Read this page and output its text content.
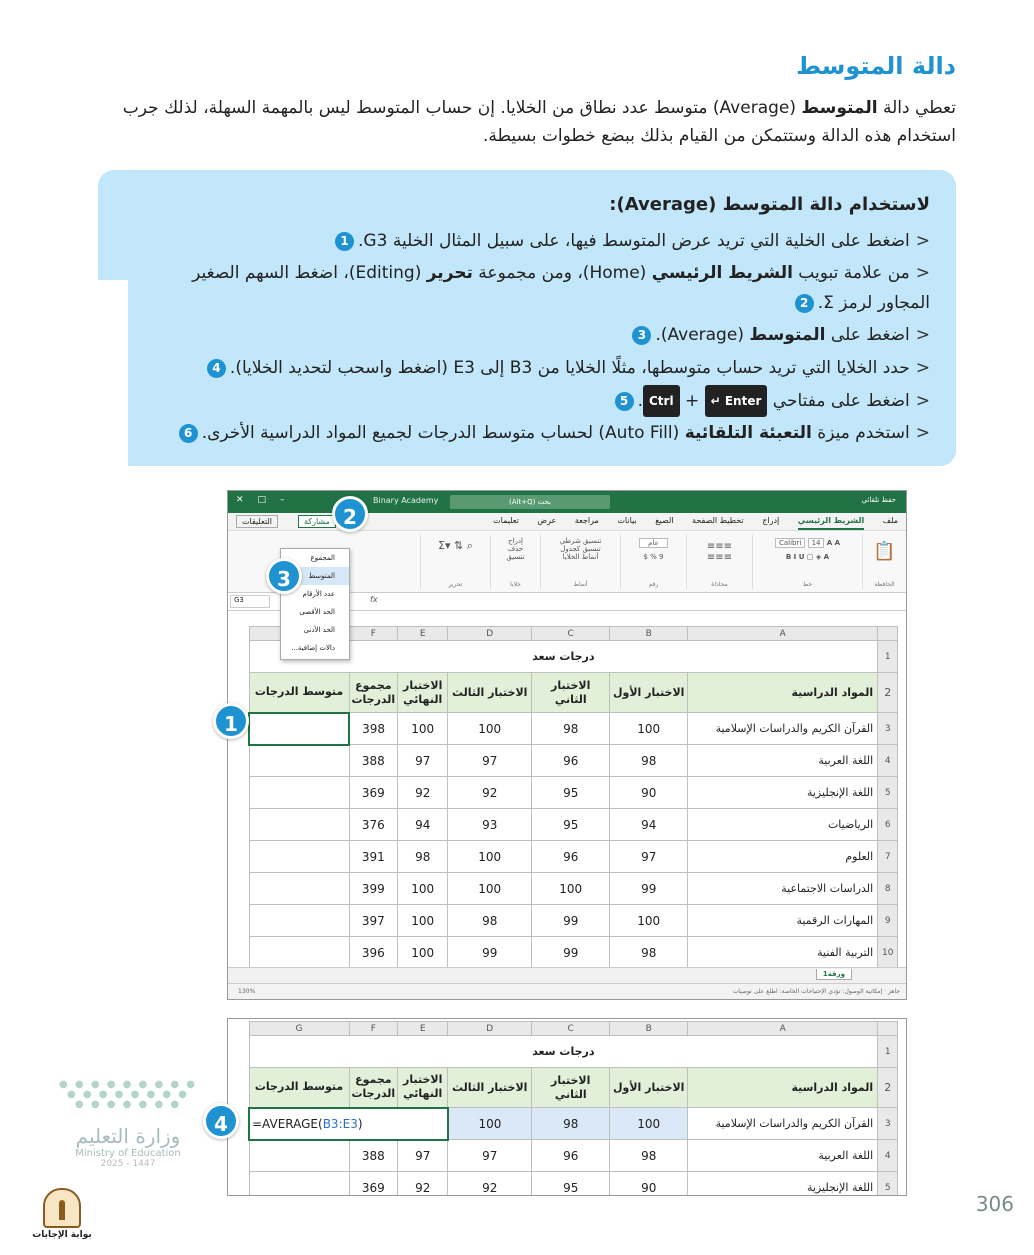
دالة المتوسط
تعطي دالة المتوسط (Average) متوسط عدد نطاق من الخلايا. إن حساب المتوسط ليس بالمهمة السهلة، لذلك جرب استخدام هذه الدالة وستتمكن من القيام بذلك ببضع خطوات بسيطة.
لاستخدام دالة المتوسط (Average):
<اضغط على الخلية التي تريد عرض المتوسط فيها، على سبيل المثال الخلية G3.1
<من علامة تبويب الشريط الرئيسي (Home)، ومن مجموعة تحرير (Editing)، اضغط السهم الصغير المجاور لرمز Σ.2
<اضغط على المتوسط (Average).3
<حدد الخلايا التي تريد حساب متوسطها، مثلًا الخلايا من B3 إلى E3 (اضغط واسحب لتحديد الخلايا).4
<اضغط على مفتاحي Enter ↵ + Ctrl.5
<استخدم ميزة التعبئة التلقائية (Auto Fill) لحساب متوسط الدرجات لجميع المواد الدراسية الأخرى.6
حفظ تلقائي
بحث (Alt+Q)
Binary Academy
✕□–
ملف الشريط الرئيسي إدراج تخطيط الصفحة الصيغ بيانات مراجعة عرض تعليمات
مشاركة
التعليقات
📋
الحافظة
Calibri 14 A A
B I U ▢ ◈ A
خط
≡≡≡
≡≡≡
محاذاة
عام
$ % 9
رقم
تنسيق شرطي
تنسيق كجدول
أنماط الخلايا
أنماط
إدراج
حذف
تنسيق
خلايا
Σ▾ ⇅ ⌕
تحرير
G3	fx
	A	B	C	D	E	F	
1	درجات سعد						
2	المواد الدراسية	الاختبار الأول	الاختبار الثاني	الاختبار الثالث	الاختبار النهائي	مجموع الدرجات	متوسط الدرجات
3	القرآن الكريم والدراسات الإسلامية	100	98	100	100	398	
4	اللغة العربية	98	96	97	97	388	
5	اللغة الإنجليزية	90	95	92	92	369	
6	الرياضيات	94	95	93	94	376	
7	العلوم	97	96	100	98	391	
8	الدراسات الاجتماعية	99	100	100	100	399	
9	المهارات الرقمية	100	99	98	100	397	
10	التربية الفنية	98	99	99	100	396	
ورقة1
جاهز · إمكانية الوصول: تؤدي الإحتياجات الخاصة: اطلع على توصيات
130%
المجموع
المتوسط
عدد الأرقام
الحد الأقصى
الحد الأدنى
دالات إضافية...
	A	B	C	D	E	F	G
1	درجات سعد						
2	المواد الدراسية	الاختبار الأول	الاختبار الثاني	الاختبار الثالث	الاختبار النهائي	مجموع الدرجات	متوسط الدرجات
3	القرآن الكريم والدراسات الإسلامية	100	98	100	=AVERAGE(B3:E3)		
4	اللغة العربية	98	96	97	97	388	
5	اللغة الإنجليزية	90	95	92	92	369	
1
2
3
4
● ● ● ● ● ● ● ● ●
● ● ● ● ● ● ● ●
● ● ● ● ● ● ●
وزارة التعليم
Ministry of Education
2025 - 1447
بوابة الإجابات
306
